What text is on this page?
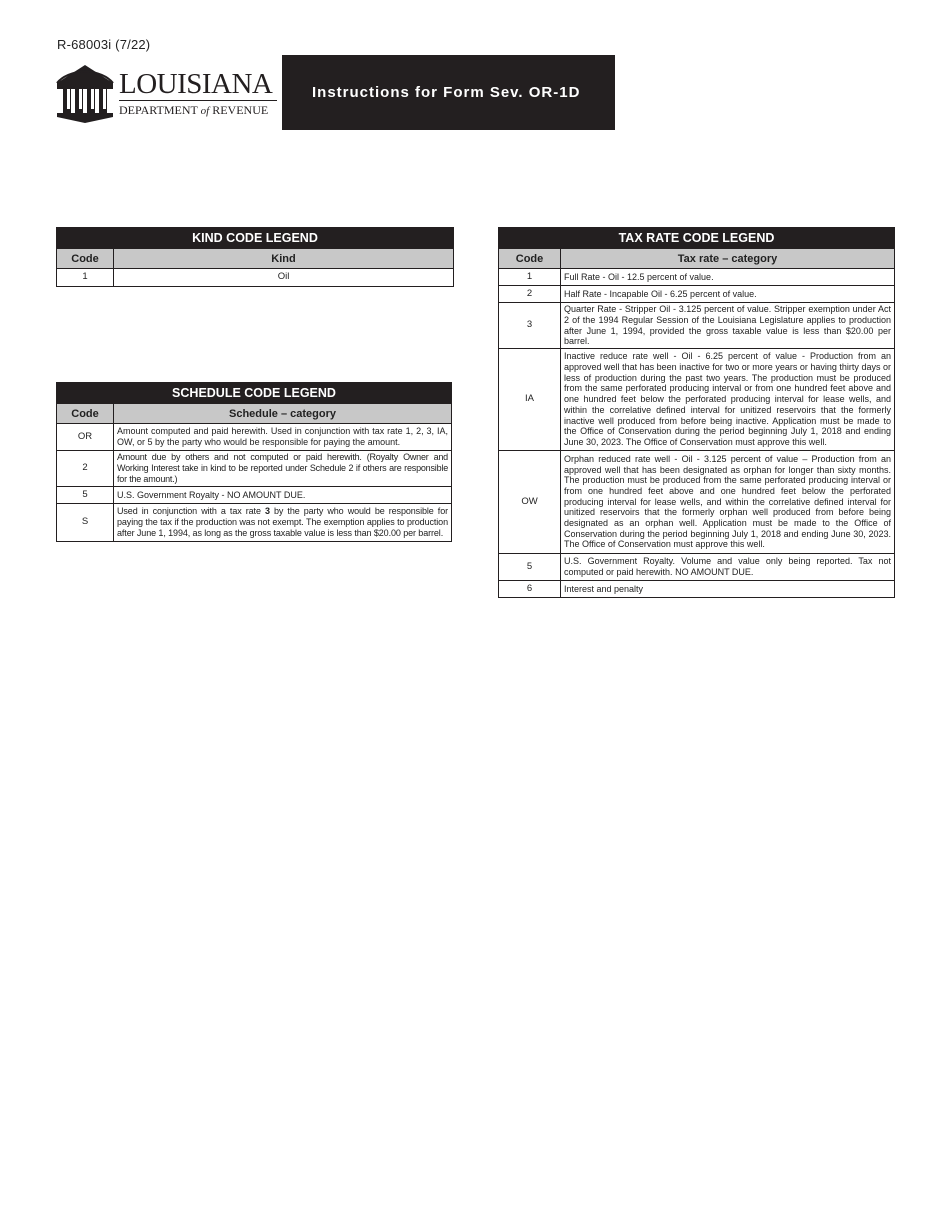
R-68003i (7/22)
LOUISIANA
DEPARTMENT of REVENUE
Instructions for Form Sev. OR-1D
KIND CODE LEGEND	
Code	Kind
1	Oil
SCHEDULE CODE LEGEND	
Code	Schedule – category
OR	Amount computed and paid herewith. Used in conjunction with tax rate 1, 2, 3, IA, OW, or 5 by the party who would be responsible for paying the amount.
2	Amount due by others and not computed or paid herewith. (Royalty Owner and Working Interest take in kind to be reported under Schedule 2 if others are responsible for the amount.)
5	U.S. Government Royalty - NO AMOUNT DUE.
S	Used in conjunction with a tax rate 3 by the party who would be responsible for paying the tax if the production was not exempt. The exemption applies to production after June 1, 1994, as long as the gross taxable value is less than $20.00 per barrel.
TAX RATE CODE LEGEND	
Code	Tax rate – category
1	Full Rate - Oil - 12.5 percent of value.
2	Half Rate - Incapable Oil - 6.25 percent of value.
3	Quarter Rate - Stripper Oil - 3.125 percent of value. Stripper exemption under Act 2 of the 1994 Regular Session of the Louisiana Legislature applies to production after June 1, 1994, provided the gross taxable value is less than $20.00 per barrel.
IA	Inactive reduce rate well - Oil - 6.25 percent of value - Production from an approved well that has been inactive for two or more years or having thirty days or less of production during the past two years. The production must be produced from the same perforated producing interval or from one hundred feet above and one hundred feet below the perforated producing interval for lease wells, and within the correlative defined interval for unitized reservoirs that the formerly inactive well produced from before being inactive. Application must be made to the Office of Conservation during the period beginning July 1, 2018 and ending June 30, 2023. The Office of Conservation must approve this well.
OW	Orphan reduced rate well - Oil - 3.125 percent of value – Production from an approved well that has been designated as orphan for longer than sixty months. The production must be produced from the same perforated producing interval or from one hundred feet above and one hundred feet below the perforated producing interval for lease wells, and within the correlative defined interval for unitized reservoirs that the formerly orphan well produced from before being designated as an orphan well. Application must be made to the Office of Conservation during the period beginning July 1, 2018 and ending June 30, 2023. The Office of Conservation must approve this well.
5	U.S. Government Royalty. Volume and value only being reported. Tax not computed or paid herewith. NO AMOUNT DUE.
6	Interest and penalty
